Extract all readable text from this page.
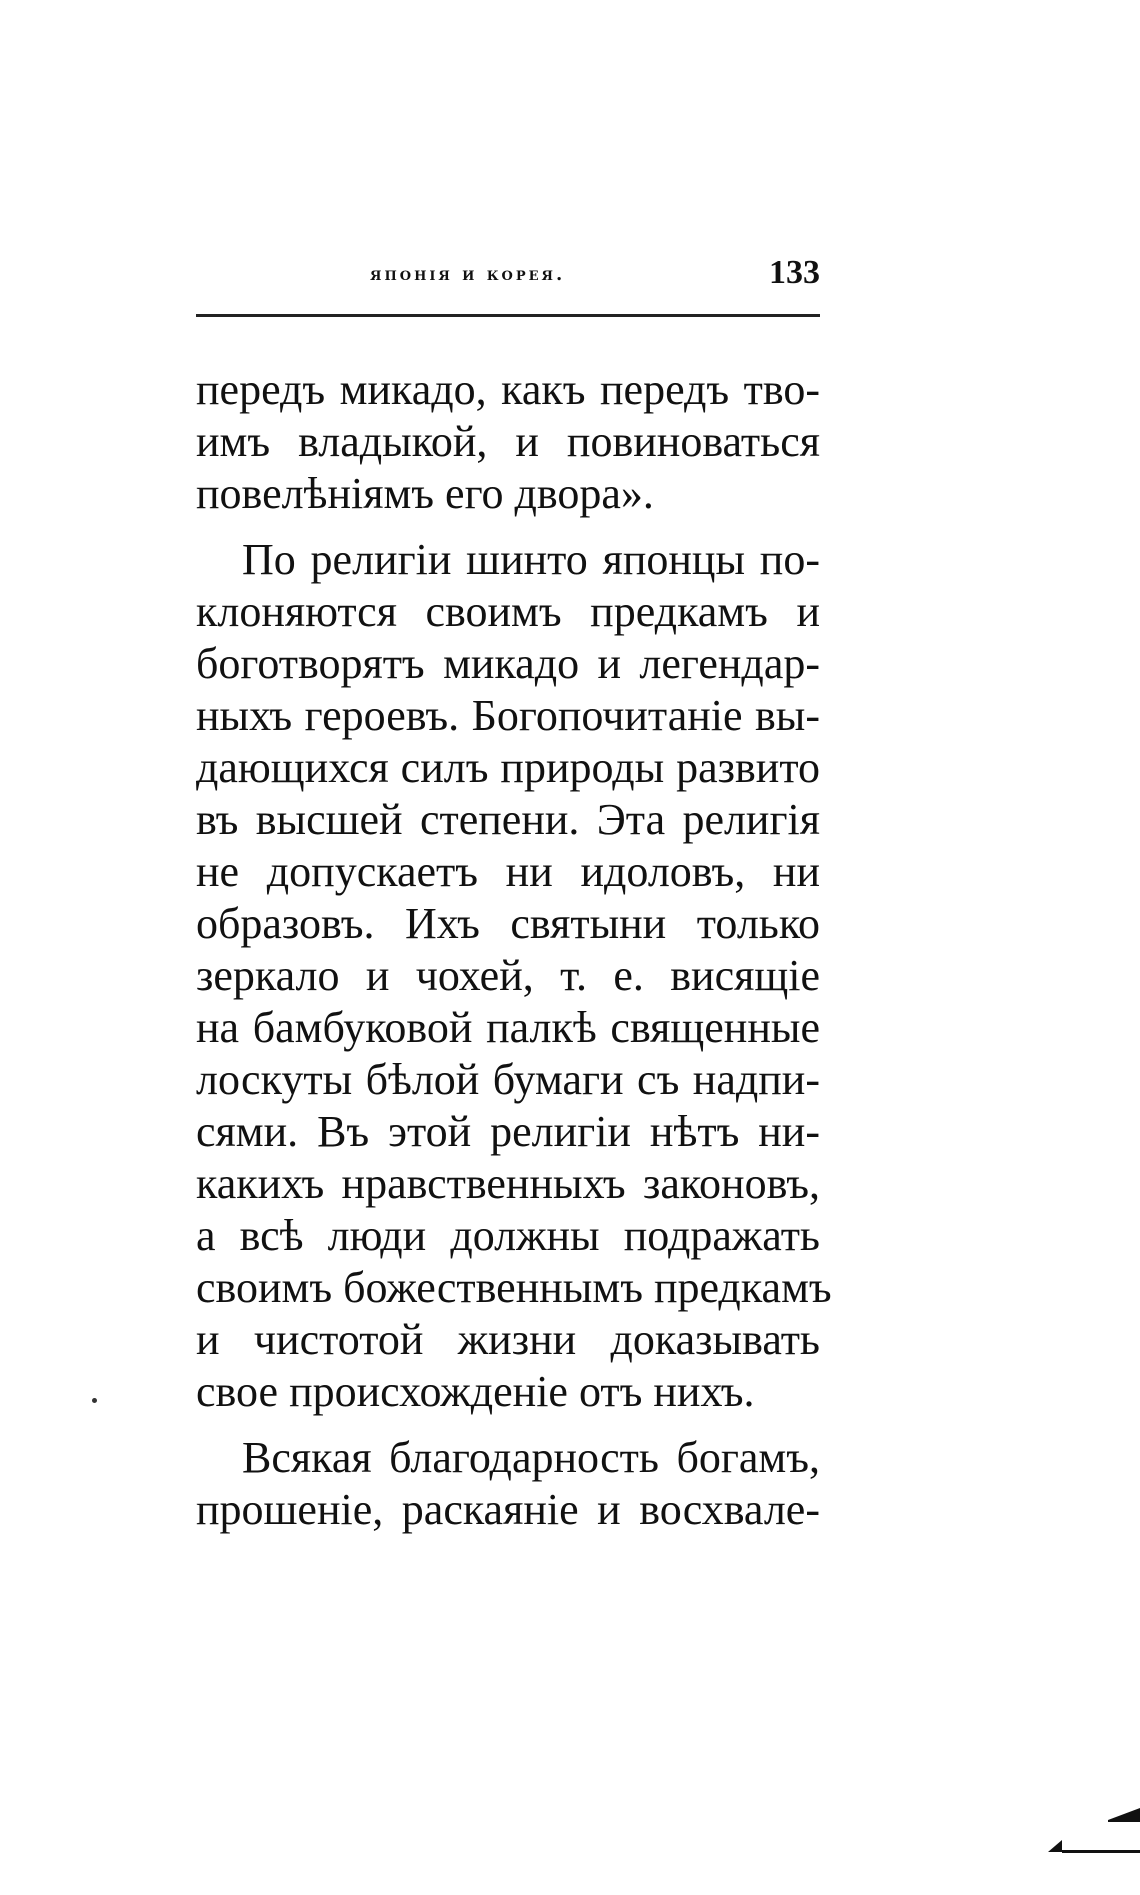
японія и корея.	133
передъ микадо, какъ передъ тво-
имъ владыкой, и повиноваться
повелѣніямъ его двора».
По религіи шинто японцы по-
клоняются своимъ предкамъ и
боготворятъ микадо и легендар-
ныхъ героевъ. Богопочитаніе вы-
дающихся силъ природы развито
въ высшей степени. Эта религія
не допускаетъ ни идоловъ, ни
образовъ. Ихъ святыни только
зеркало и чохей, т. е. висящіе
на бамбуковой палкѣ священные
лоскуты бѣлой бумаги съ надпи-
сями. Въ этой религіи нѣтъ ни-
какихъ нравственныхъ законовъ,
а всѣ люди должны подражать
своимъ божественнымъ предкамъ
и чистотой жизни доказывать
свое происхожденіе отъ нихъ.
Всякая благодарность богамъ,
прошеніе, раскаяніе и восхвале-
